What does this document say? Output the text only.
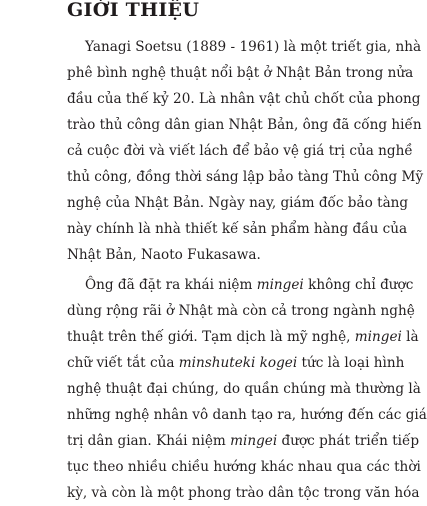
GIỚI THIỆU
Yanagi Soetsu (1889 - 1961) là một triết gia, nhà
phê bình nghệ thuật nổi bật ở Nhật Bản trong nửa
đầu của thế kỷ 20. Là nhân vật chủ chốt của phong
trào thủ công dân gian Nhật Bản, ông đã cống hiến
cả cuộc đời và viết lách để bảo vệ giá trị của nghề
thủ công, đồng thời sáng lập bảo tàng Thủ công Mỹ
nghệ của Nhật Bản. Ngày nay, giám đốc bảo tàng
này chính là nhà thiết kế sản phẩm hàng đầu của
Nhật Bản, Naoto Fukasawa.
Ông đã đặt ra khái niệm mingei không chỉ được
dùng rộng rãi ở Nhật mà còn cả trong ngành nghệ
thuật trên thế giới. Tạm dịch là mỹ nghệ, mingei là
chữ viết tắt của minshuteki kogei tức là loại hình
nghệ thuật đại chúng, do quần chúng mà thường là
những nghệ nhân vô danh tạo ra, hướng đến các giá
trị dân gian. Khái niệm mingei được phát triển tiếp
tục theo nhiều chiều hướng khác nhau qua các thời
kỳ, và còn là một phong trào dân tộc trong văn hóa
